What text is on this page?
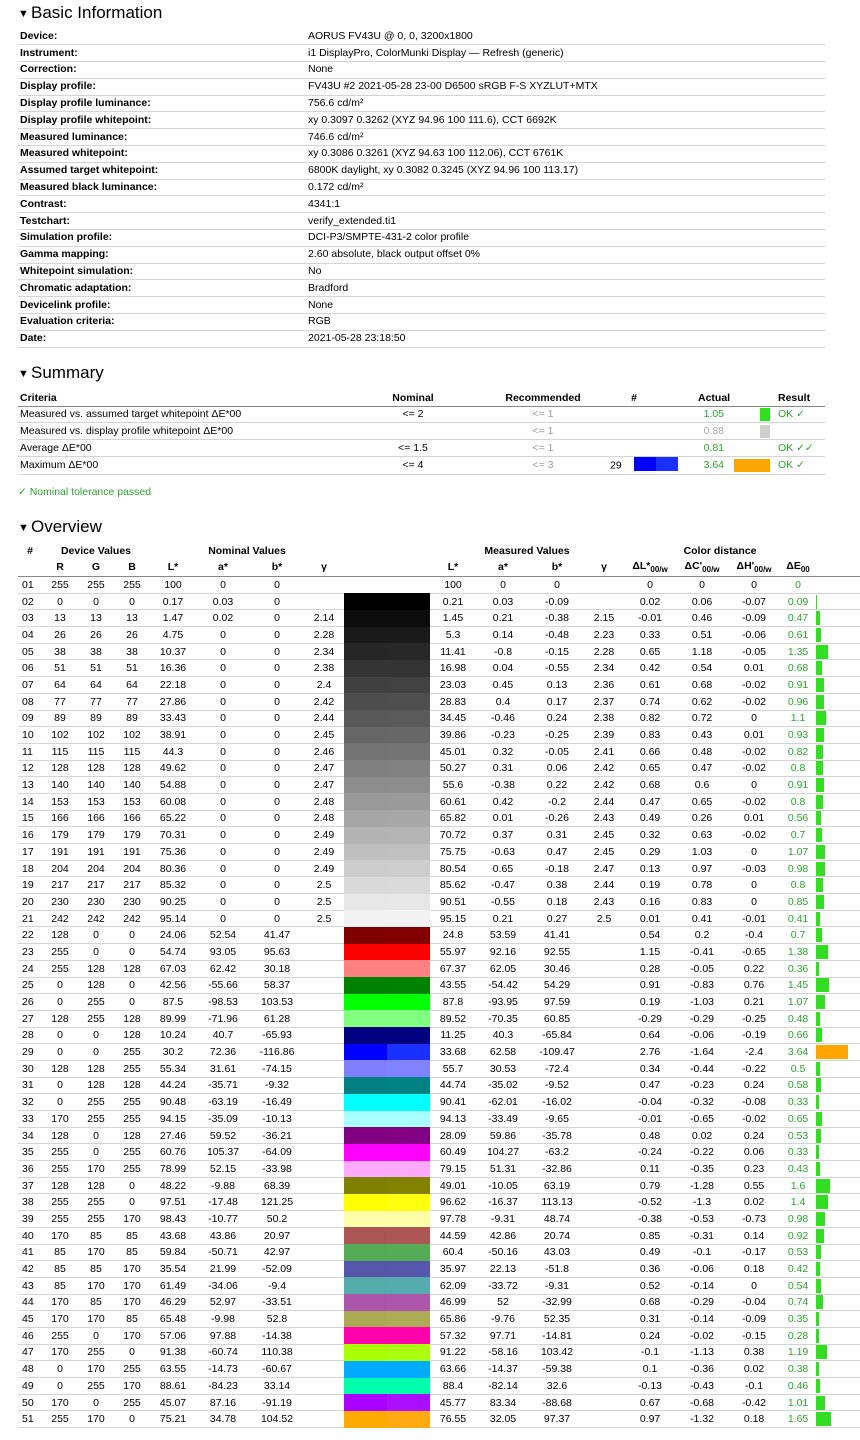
▼ Basic Information
Device:	AORUS FV43U @ 0, 0, 3200x1800
Instrument:	i1 DisplayPro, ColorMunki Display — Refresh (generic)
Correction:	None
Display profile:	FV43U #2 2021-05-28 23-00 D6500 sRGB F-S XYZLUT+MTX
Display profile luminance:	756.6 cd/m²
Display profile whitepoint:	xy 0.3097 0.3262 (XYZ 94.96 100 111.6), CCT 6692K
Measured luminance:	746.6 cd/m²
Measured whitepoint:	xy 0.3086 0.3261 (XYZ 94.63 100 112.06), CCT 6761K
Assumed target whitepoint:	6800K daylight, xy 0.3082 0.3245 (XYZ 94.96 100 113.17)
Measured black luminance:	0.172 cd/m²
Contrast:	4341:1
Testchart:	verify_extended.ti1
Simulation profile:	DCI-P3/SMPTE-431-2 color profile
Gamma mapping:	2.60 absolute, black output offset 0%
Whitepoint simulation:	No
Chromatic adaptation:	Bradford
Devicelink profile:	None
Evaluation criteria:	RGB
Date:	2021-05-28 23:18:50
▼ Summary
Criteria	Nominal	Recommended	#	Actual	Result
Measured vs. assumed target whitepoint ΔE*00	<= 2	<= 1		1.05	OK ✓
Measured vs. display profile whitepoint ΔE*00		<= 1		0.88	
Average ΔE*00	<= 1.5	<= 1		0.81	OK ✓✓
Maximum ΔE*00	<= 4	<= 3	29	3.64	OK ✓
✓ Nominal tolerance passed
▼ Overview
#	Device Values			Nominal Values					Measured Values				Color distance				
	R	G	B	L*	a*	b*	γ		L*	a*	b*	γ	$\Delta L*_{00/w}$	$\Delta C'_{00/w}$	$\Delta H'_{00/w}$	$\Delta E_{00}$	
01	255	255	255	100	0	0			100	0	0		0	0	0	0	
02	0	0	0	0.17	0.03	0			0.21	0.03	-0.09		0.02	0.06	-0.07	0.09	

03	13	13	13	1.47	0.02	0	2.14		1.45	0.21	-0.38	2.15	-0.01	0.46	-0.09	0.47	

04	26	26	26	4.75	0	0	2.28		5.3	0.14	-0.48	2.23	0.33	0.51	-0.06	0.61	

05	38	38	38	10.37	0	0	2.34		11.41	-0.8	-0.15	2.28	0.65	1.18	-0.05	1.35	

06	51	51	51	16.36	0	0	2.38		16.98	0.04	-0.55	2.34	0.42	0.54	0.01	0.68	

07	64	64	64	22.18	0	0	2.4		23.03	0.45	0.13	2.36	0.61	0.68	-0.02	0.91	

08	77	77	77	27.86	0	0	2.42		28.83	0.4	0.17	2.37	0.74	0.62	-0.02	0.96	

09	89	89	89	33.43	0	0	2.44		34.45	-0.46	0.24	2.38	0.82	0.72	0	1.1	

10	102	102	102	38.91	0	0	2.45		39.86	-0.23	-0.25	2.39	0.83	0.43	0.01	0.93	

11	115	115	115	44.3	0	0	2.46		45.01	0.32	-0.05	2.41	0.66	0.48	-0.02	0.82	

12	128	128	128	49.62	0	0	2.47		50.27	0.31	0.06	2.42	0.65	0.47	-0.02	0.8	

13	140	140	140	54.88	0	0	2.47		55.6	-0.38	0.22	2.42	0.68	0.6	0	0.91	

14	153	153	153	60.08	0	0	2.48		60.61	0.42	-0.2	2.44	0.47	0.65	-0.02	0.8	

15	166	166	166	65.22	0	0	2.48		65.82	0.01	-0.26	2.43	0.49	0.26	0.01	0.56	

16	179	179	179	70.31	0	0	2.49		70.72	0.37	0.31	2.45	0.32	0.63	-0.02	0.7	

17	191	191	191	75.36	0	0	2.49		75.75	-0.63	0.47	2.45	0.29	1.03	0	1.07	

18	204	204	204	80.36	0	0	2.49		80.54	0.65	-0.18	2.47	0.13	0.97	-0.03	0.98	

19	217	217	217	85.32	0	0	2.5		85.62	-0.47	0.38	2.44	0.19	0.78	0	0.8	

20	230	230	230	90.25	0	0	2.5		90.51	-0.55	0.18	2.43	0.16	0.83	0	0.85	

21	242	242	242	95.14	0	0	2.5		95.15	0.21	0.27	2.5	0.01	0.41	-0.01	0.41	

22	128	0	0	24.06	52.54	41.47			24.8	53.59	41.41		0.54	0.2	-0.4	0.7	

23	255	0	0	54.74	93.05	95.63			55.97	92.16	92.55		1.15	-0.41	-0.65	1.38	

24	255	128	128	67.03	62.42	30.18			67.37	62.05	30.46		0.28	-0.05	0.22	0.36	

25	0	128	0	42.56	-55.66	58.37			43.55	-54.42	54.29		0.91	-0.83	0.76	1.45	

26	0	255	0	87.5	-98.53	103.53			87.8	-93.95	97.59		0.19	-1.03	0.21	1.07	

27	128	255	128	89.99	-71.96	61.28			89.52	-70.35	60.85		-0.29	-0.29	-0.25	0.48	

28	0	0	128	10.24	40.7	-65.93			11.25	40.3	-65.84		0.64	-0.06	-0.19	0.66	

29	0	0	255	30.2	72.36	-116.86			33.68	62.58	-109.47		2.76	-1.64	-2.4	3.64	

30	128	128	255	55.34	31.61	-74.15			55.7	30.53	-72.4		0.34	-0.44	-0.22	0.5	

31	0	128	128	44.24	-35.71	-9.32			44.74	-35.02	-9.52		0.47	-0.23	0.24	0.58	

32	0	255	255	90.48	-63.19	-16.49			90.41	-62.01	-16.02		-0.04	-0.32	-0.08	0.33	

33	170	255	255	94.15	-35.09	-10.13			94.13	-33.49	-9.65		-0.01	-0.65	-0.02	0.65	

34	128	0	128	27.46	59.52	-36.21			28.09	59.86	-35.78		0.48	0.02	0.24	0.53	

35	255	0	255	60.76	105.37	-64.09			60.49	104.27	-63.2		-0.24	-0.22	0.06	0.33	

36	255	170	255	78.99	52.15	-33.98			79.15	51.31	-32.86		0.11	-0.35	0.23	0.43	

37	128	128	0	48.22	-9.88	68.39			49.01	-10.05	63.19		0.79	-1.28	0.55	1.6	

38	255	255	0	97.51	-17.48	121.25			96.62	-16.37	113.13		-0.52	-1.3	0.02	1.4	

39	255	255	170	98.43	-10.77	50.2			97.78	-9.31	48.74		-0.38	-0.53	-0.73	0.98	

40	170	85	85	43.68	43.86	20.97			44.59	42.86	20.74		0.85	-0.31	0.14	0.92	

41	85	170	85	59.84	-50.71	42.97			60.4	-50.16	43.03		0.49	-0.1	-0.17	0.53	

42	85	85	170	35.54	21.99	-52.09			35.97	22.13	-51.8		0.36	-0.06	0.18	0.42	

43	85	170	170	61.49	-34.06	-9.4			62.09	-33.72	-9.31		0.52	-0.14	0	0.54	

44	170	85	170	46.29	52.97	-33.51			46.99	52	-32.99		0.68	-0.29	-0.04	0.74	

45	170	170	85	65.48	-9.98	52.8			65.86	-9.76	52.35		0.31	-0.14	-0.09	0.35	

46	255	0	170	57.06	97.88	-14.38			57.32	97.71	-14.81		0.24	-0.02	-0.15	0.28	

47	170	255	0	91.38	-60.74	110.38			91.22	-58.16	103.42		-0.1	-1.13	0.38	1.19	

48	0	170	255	63.55	-14.73	-60.67			63.66	-14.37	-59.38		0.1	-0.36	0.02	0.38	

49	0	255	170	88.61	-84.23	33.14			88.4	-82.14	32.6		-0.13	-0.43	-0.1	0.46	

50	170	0	255	45.07	87.16	-91.19			45.77	83.34	-88.68		0.67	-0.68	-0.42	1.01	

51	255	170	0	75.21	34.78	104.52			76.55	32.05	97.37		0.97	-1.32	0.18	1.65	
